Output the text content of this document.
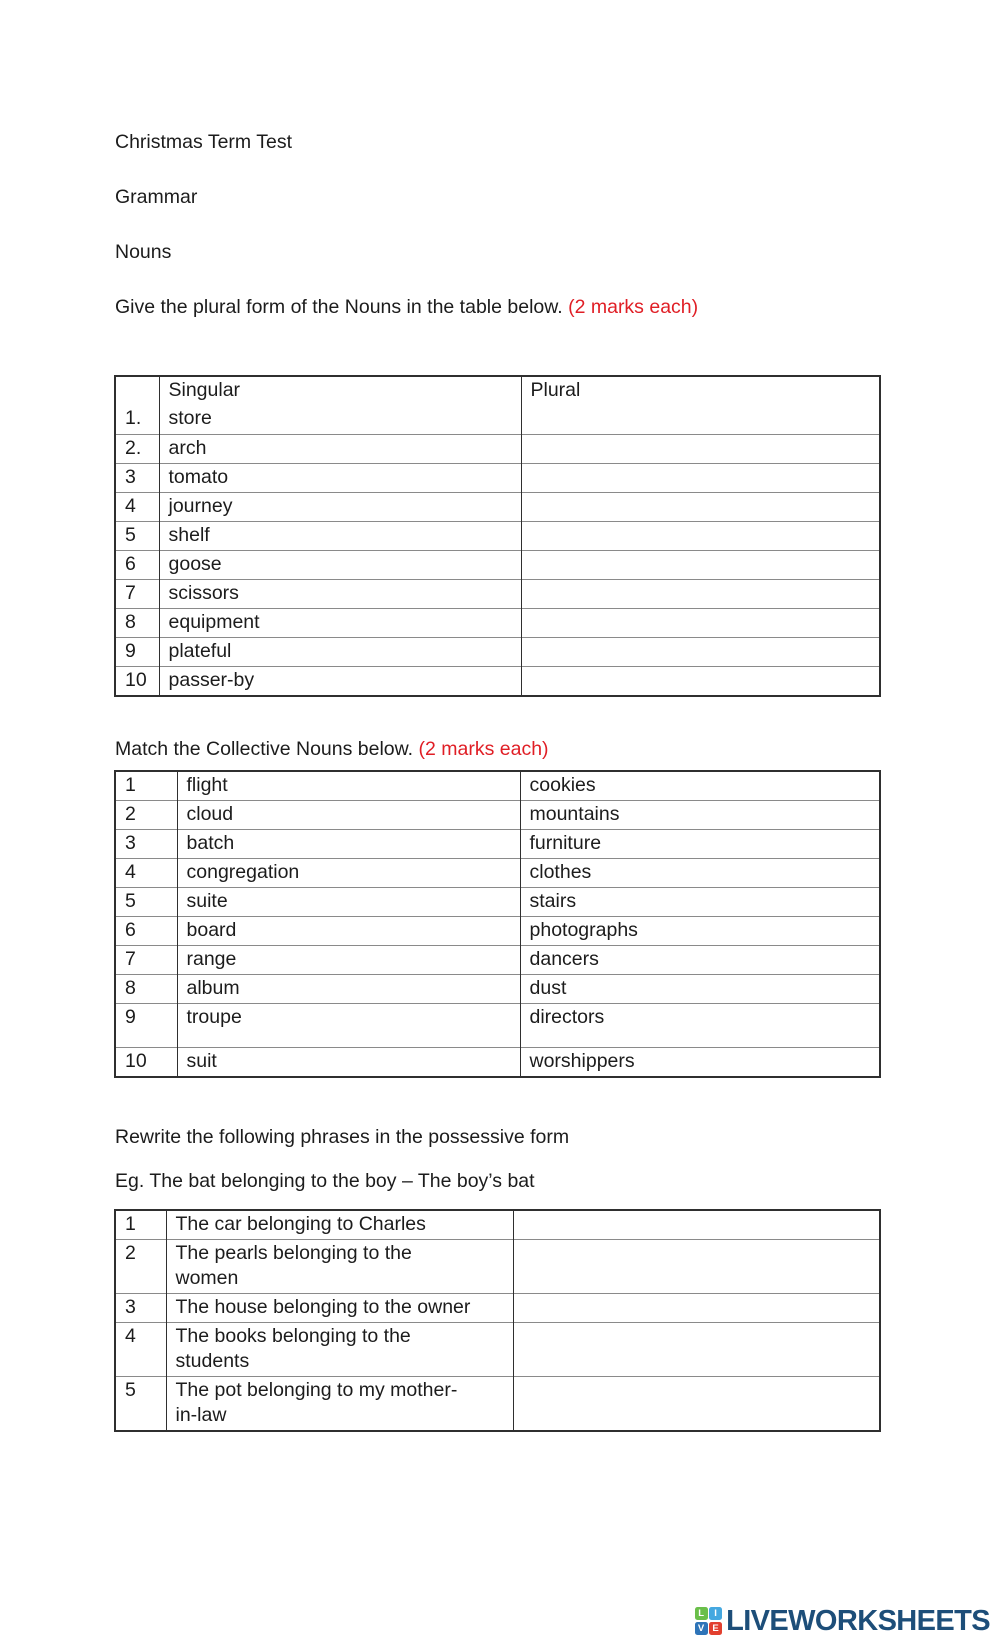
Christmas Term Test
Grammar
Nouns
Give the plural form of the Nouns in the table below. (2 marks each)
	Singular	Plural
1.	store	
2.	arch	
3	tomato	
4	journey	
5	shelf	
6	goose	
7	scissors	
8	equipment	
9	plateful	
10	passer-by	
Match the Collective Nouns below. (2 marks each)
1	flight	cookies
2	cloud	mountains
3	batch	furniture
4	congregation	clothes
5	suite	stairs
6	board	photographs
7	range	dancers
8	album	dust
9	troupe	directors
10	suit	worshippers
Rewrite the following phrases in the possessive form
Eg. The bat belonging to the boy – The boy’s bat
1	The car belonging to Charles	
2	The pearls belonging to the
women	
3	The house belonging to the owner	
4	The books belonging to the
students	
5	The pot belonging to my mother-
in-law	
L	I
V E LIVEWORKSHEETS
